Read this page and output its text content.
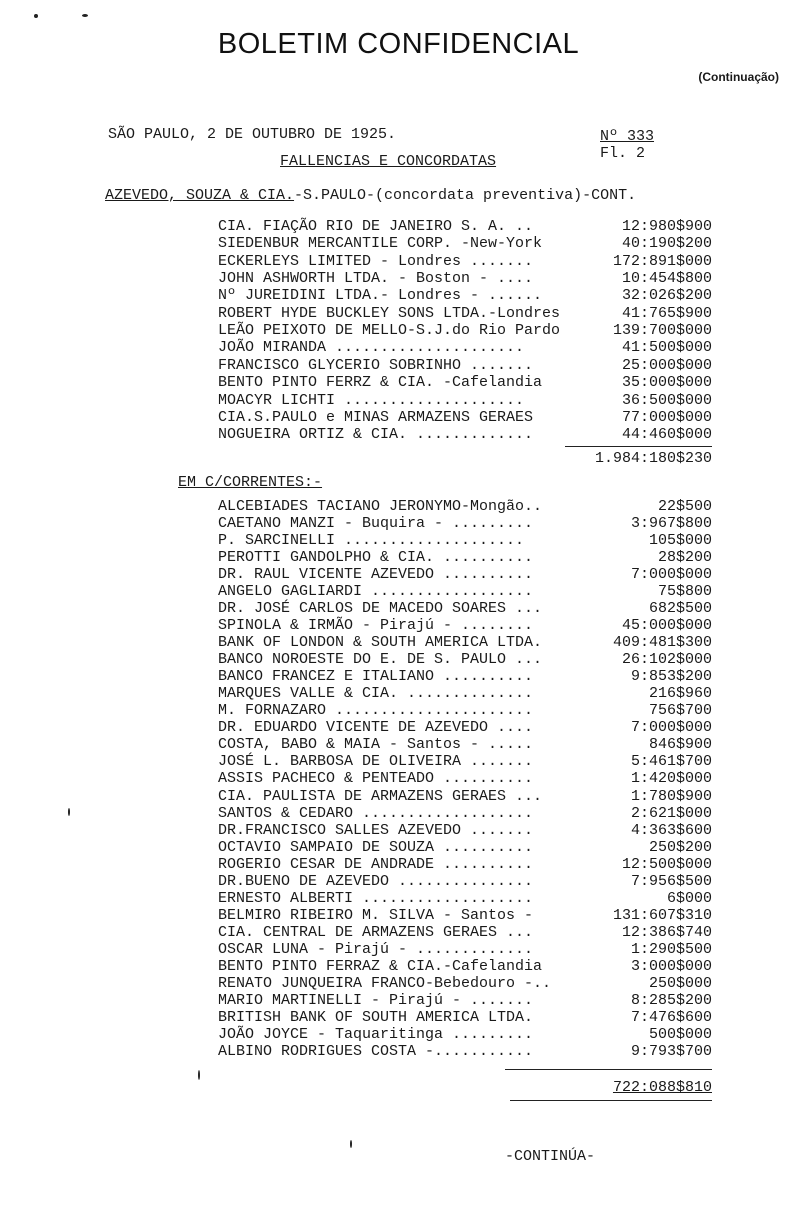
BOLETIM CONFIDENCIAL
(Continuação)
SÃO PAULO, 2 DE OUTUBRO DE 1925.	Nº 333
Fl. 2
FALLENCIAS E CONCORDATAS
AZEVEDO, SOUZA & CIA.-S.PAULO-(concordata preventiva)-CONT.
CIA. FIAÇÃO RIO DE JANEIRO S. A. ..	12:980$900
SIEDENBUR MERCANTILE CORP. -New-York	40:190$200
ECKERLEYS LIMITED - Londres .......	172:891$000
JOHN ASHWORTH LTDA. - Boston - ....	10:454$800
Nº JUREIDINI LTDA.- Londres - ......	32:026$200
ROBERT HYDE BUCKLEY SONS LTDA.-Londres	41:765$900
LEÃO PEIXOTO DE MELLO-S.J.do Rio Pardo	139:700$000
JOÃO MIRANDA .....................	41:500$000
FRANCISCO GLYCERIO SOBRINHO .......	25:000$000
BENTO PINTO FERRZ & CIA. -Cafelandia	35:000$000
MOACYR LICHTI ....................	36:500$000
CIA.S.PAULO e MINAS ARMAZENS GERAES	77:000$000
NOGUEIRA ORTIZ & CIA. .............	44:460$000
1.984:180$230
EM C/CORRENTES:-
ALCEBIADES TACIANO JERONYMO-Mongão..	22$500
CAETANO MANZI - Buquira - .........	3:967$800
P. SARCINELLI ....................	105$000
PEROTTI GANDOLPHO & CIA. ..........	28$200
DR. RAUL VICENTE AZEVEDO ..........	7:000$000
ANGELO GAGLIARDI ..................	75$800
DR. JOSÉ CARLOS DE MACEDO SOARES ...	682$500
SPINOLA & IRMÃO - Pirajú - ........	45:000$000
BANK OF LONDON & SOUTH AMERICA LTDA.	409:481$300
BANCO NOROESTE DO E. DE S. PAULO ...	26:102$000
BANCO FRANCEZ E ITALIANO ..........	9:853$200
MARQUES VALLE & CIA. ..............	216$960
M. FORNAZARO ......................	756$700
DR. EDUARDO VICENTE DE AZEVEDO ....	7:000$000
COSTA, BABO & MAIA - Santos - .....	846$900
JOSÉ L. BARBOSA DE OLIVEIRA .......	5:461$700
ASSIS PACHECO & PENTEADO ..........	1:420$000
CIA. PAULISTA DE ARMAZENS GERAES ...	1:780$900
SANTOS & CEDARO ...................	2:621$000
DR.FRANCISCO SALLES AZEVEDO .......	4:363$600
OCTAVIO SAMPAIO DE SOUZA ..........	250$200
ROGERIO CESAR DE ANDRADE ..........	12:500$000
DR.BUENO DE AZEVEDO ...............	7:956$500
ERNESTO ALBERTI ...................	6$000
BELMIRO RIBEIRO M. SILVA - Santos -	131:607$310
CIA. CENTRAL DE ARMAZENS GERAES ...	12:386$740
OSCAR LUNA - Pirajú - .............	1:290$500
BENTO PINTO FERRAZ & CIA.-Cafelandia	3:000$000
RENATO JUNQUEIRA FRANCO-Bebedouro -..	250$000
MARIO MARTINELLI - Pirajú - .......	8:285$200
BRITISH BANK OF SOUTH AMERICA LTDA.	7:476$600
JOÃO JOYCE - Taquaritinga .........	500$000
ALBINO RODRIGUES COSTA -...........	9:793$700
722:088$810
-CONTINÚA-
